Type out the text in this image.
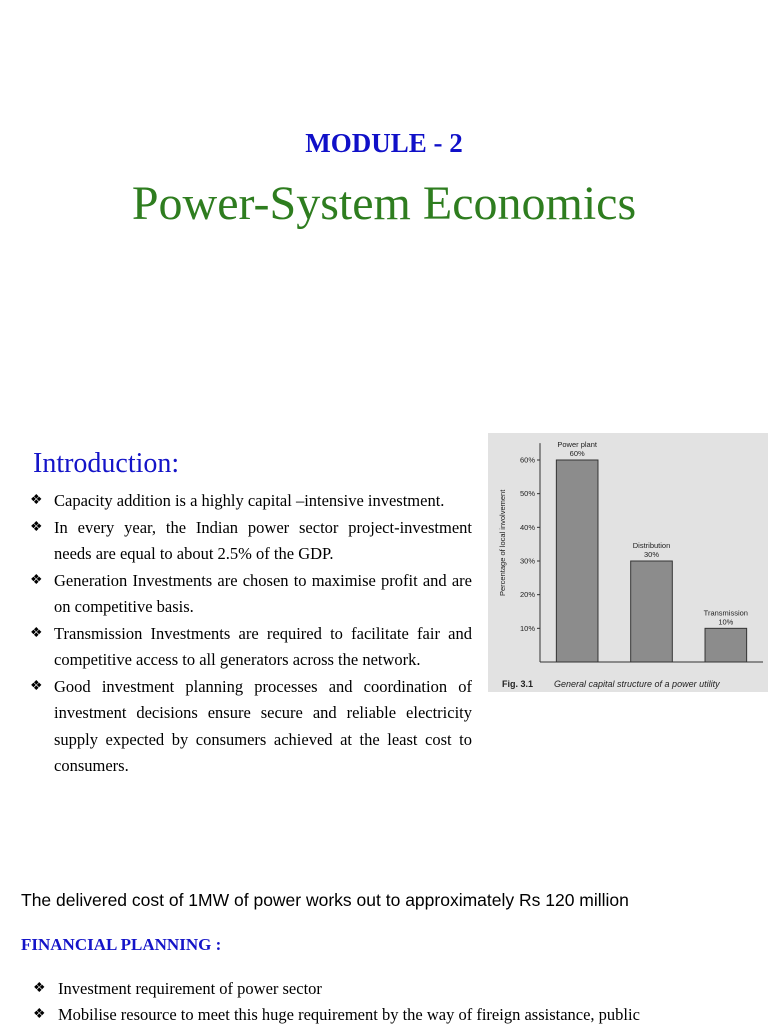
MODULE - 2
Power-System Economics
Introduction:
❖ Capacity addition is a highly capital –intensive investment.
❖ In every year, the Indian power sector project-investment needs are equal to about 2.5% of the GDP.
❖ Generation Investments are chosen to maximise profit and are on competitive basis.
❖ Transmission Investments are required to facilitate fair and competitive access to all generators across the network.
❖ Good investment planning processes and coordination of investment decisions ensure secure and reliable electricity supply expected by consumers achieved at the least cost to consumers.
Percentage of local involvement
10%
20%
30%
40%
50%
60%
Power plant
60%
Distribution
30%
Transmission
10%
Fig. 3.1 General capital structure of a power utility
The delivered cost of 1MW of power works out to approximately Rs 120 million
FINANCIAL PLANNING :
❖ Investment requirement of power sector
❖ Mobilise resource to meet this huge requirement by the way of fireign assistance, public
